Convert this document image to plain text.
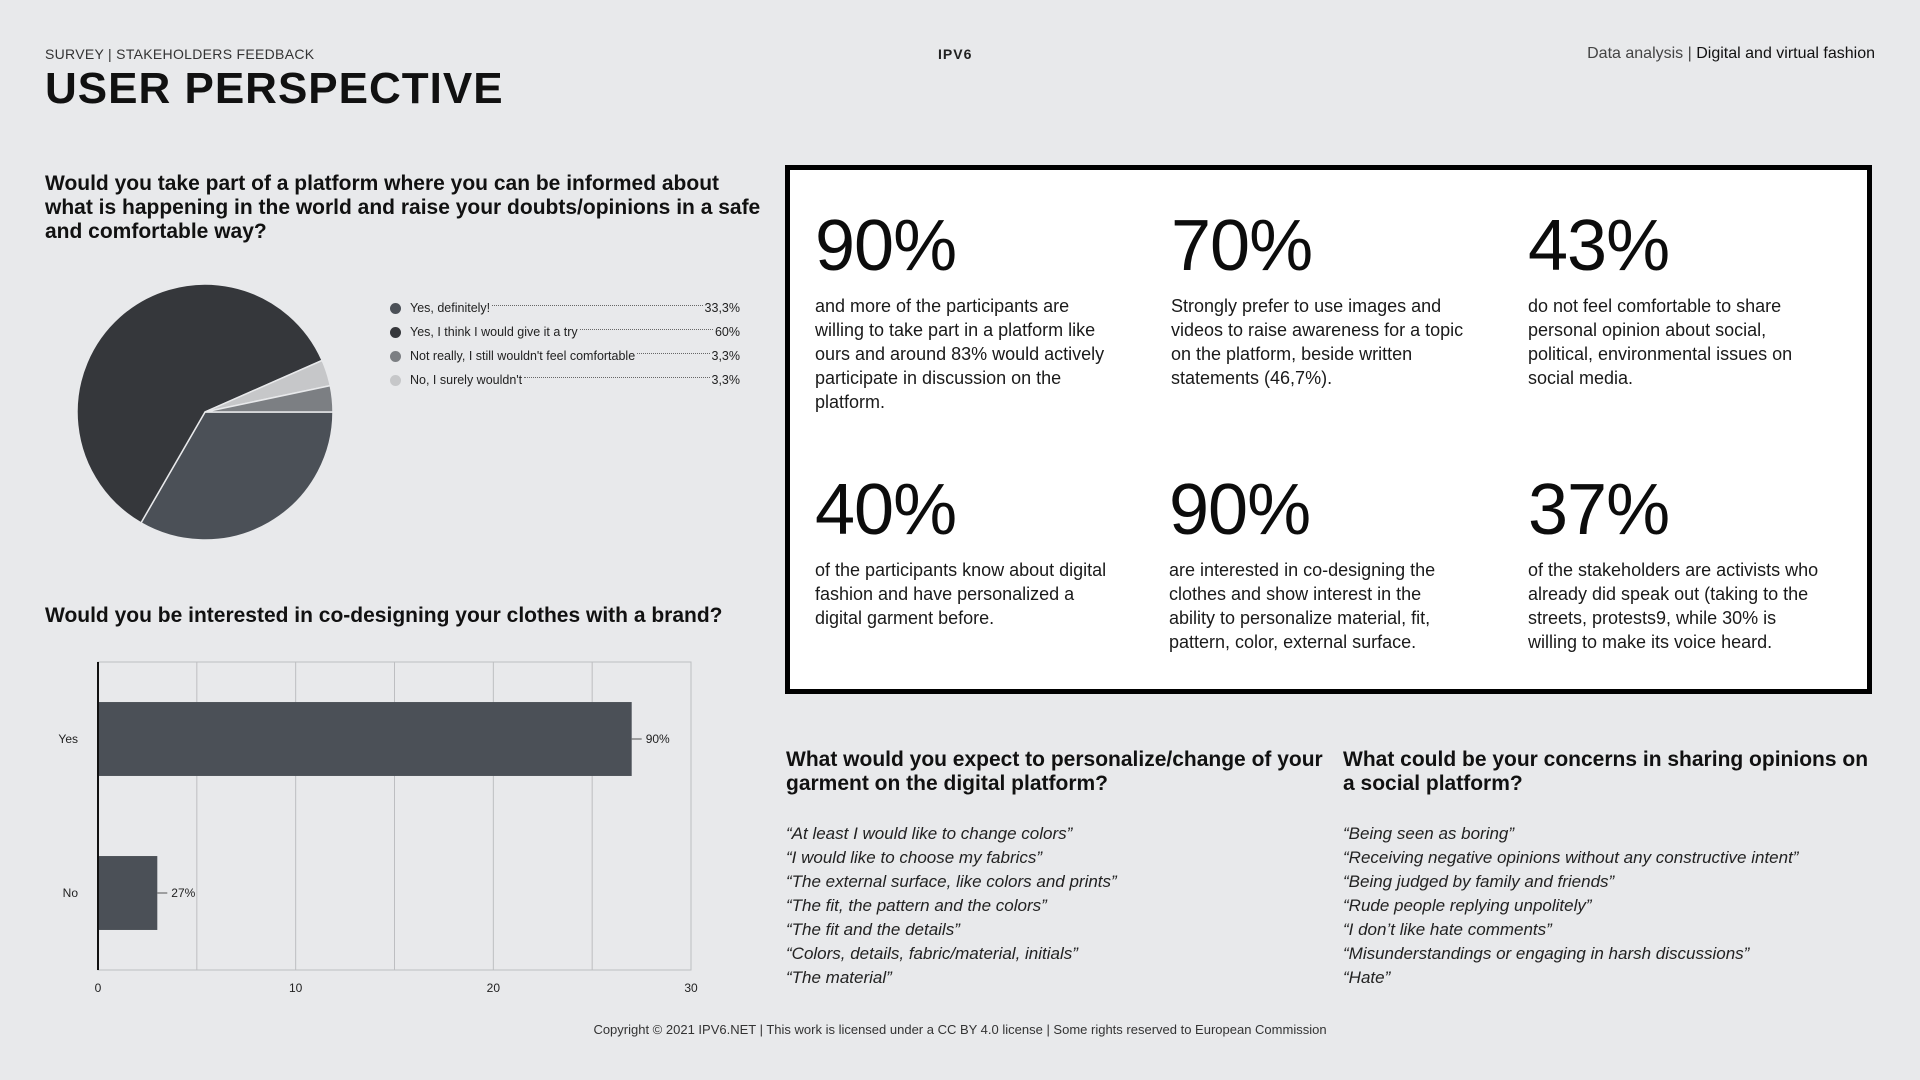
SURVEY | STAKEHOLDERS FEEDBACK
USER PERSPECTIVE
IPV6	Data analysis | Digital and virtual fashion
Would you take part of a platform where you can be informed about what is happening in the world and raise your doubts/opinions in a safe and comfortable way?
Yes, definitely!	33,3%
Yes, I think I would give it a try	60%
Not really, I still wouldn't feel comfortable	3,3%
No, I surely wouldn't	3,3%
Would you be interested in co-designing your clothes with a brand?
90%
27%
0	10	20	30
Yes
No
90%
and more of the participants are willing to take part in a platform like ours and around 83% would actively participate in discussion on the platform.
70%
Strongly prefer to use images and videos to raise awareness for a topic on the platform, beside written statements (46,7%).
43%
do not feel comfortable to share personal opinion about social, political, environmental issues on social media.
40%
of the participants know about digital fashion and have personalized a digital garment before.
90%
are interested in co-designing the clothes and show interest in the ability to personalize material, fit, pattern, color, external surface.
37%
of the stakeholders are activists who already did speak out (taking to the streets, protests9, while 30% is willing to make its voice heard.
What would you expect to personalize/change of your garment on the digital platform?
“At least I would like to change colors”
“I would like to choose my fabrics”
“The external surface, like colors and prints”
“The fit, the pattern and the colors”
“The fit and the details”
“Colors, details, fabric/material, initials”
“The material”
What could be your concerns in sharing opinions on a social platform?
“Being seen as boring”
“Receiving negative opinions without any constructive intent”
“Being judged by family and friends”
“Rude people replying unpolitely”
“I don’t like hate comments”
“Misunderstandings or engaging in harsh discussions”
“Hate”
Copyright © 2021 IPV6.NET | This work is licensed under a CC BY 4.0 license | Some rights reserved to European Commission
